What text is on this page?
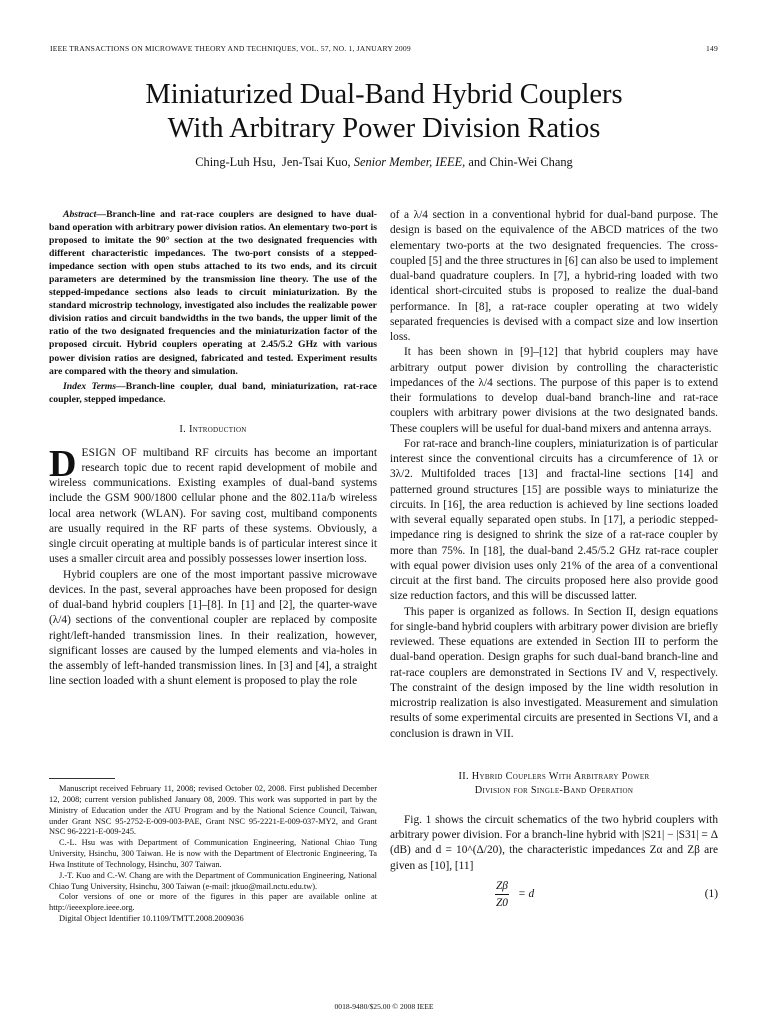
IEEE TRANSACTIONS ON MICROWAVE THEORY AND TECHNIQUES, VOL. 57, NO. 1, JANUARY 2009	149
Miniaturized Dual-Band Hybrid Couplers
With Arbitrary Power Division Ratios
Ching-Luh Hsu, Jen-Tsai Kuo, Senior Member, IEEE, and Chin-Wei Chang
Abstract—Branch-line and rat-race couplers are designed to have dual-band operation with arbitrary power division ratios. An elementary two-port is proposed to imitate the 90° section at the two designated frequencies with different characteristic impedances. The two-port consists of a stepped-impedance section with open stubs attached to its two ends, and its circuit parameters are determined by the transmission line theory. The use of the stepped-impedance sections also leads to circuit miniaturization. By the standard microstrip technology, investigated also includes the realizable power division ratios and circuit bandwidths in the two bands, the upper limit of the ratio of the two designated frequencies and the miniaturization factor of the proposed circuit. Hybrid couplers operating at 2.45/5.2 GHz with various power division ratios are designed, fabricated and tested. Experiment results are compared with the theory and simulation.
Index Terms—Branch-line coupler, dual band, miniaturization, rat-race coupler, stepped impedance.
I. Introduction

DESIGN OF multiband RF circuits has become an important research topic due to recent rapid development of mobile and wireless communications. Existing examples of dual-band systems include the GSM 900/1800 cellular phone and the 802.11a/b wireless local area network (WLAN). For saving cost, multiband components are usually required in the RF parts of these systems. Obviously, a single circuit operating at multiple bands is of particular interest since it uses a smaller circuit area and possibly possesses lower insertion loss.

Hybrid couplers are one of the most important passive microwave devices. In the past, several approaches have been proposed for design of dual-band hybrid couplers [1]–[8]. In [1] and [2], the quarter-wave (λ/4) sections of the conventional coupler are replaced by composite right/left-handed transmission lines. In their realization, however, significant losses are caused by the lumped elements and via-holes in the assembly of left-handed transmission lines. In [3] and [4], a straight line section loaded with a shunt element is proposed to play the role

Manuscript received February 11, 2008; revised October 02, 2008. First published December 12, 2008; current version published January 08, 2009. This work was supported in part by the Ministry of Education under the ATU Program and by the National Science Council, Taiwan, under Grant NSC 95-2752-E-009-003-PAE, Grant NSC 95-2221-E-009-037-MY2, and Grant NSC 96-2221-E-009-245.

C.-L. Hsu was with Department of Communication Engineering, National Chiao Tung University, Hsinchu, 300 Taiwan. He is now with the Department of Electronic Engineering, Ta Hwa Institute of Technology, Hsinchu, 307 Taiwan.

J.-T. Kuo and C.-W. Chang are with the Department of Communication Engineering, National Chiao Tung University, Hsinchu, 300 Taiwan (e-mail: jtkuo@mail.nctu.edu.tw).

Color versions of one or more of the figures in this paper are available online at http://ieeexplore.ieee.org.

Digital Object Identifier 10.1109/TMTT.2008.2009036

of a λ/4 section in a conventional hybrid for dual-band purpose. The design is based on the equivalence of the ABCD matrices of the two elementary two-ports at the two designated frequencies. The cross-coupled [5] and the three structures in [6] can also be used to implement dual-band quadrature couplers. In [7], a hybrid-ring loaded with two identical short-circuited stubs is proposed to realize the dual-band performance. In [8], a rat-race coupler operating at two widely separated frequencies is devised with a compact size and low insertion loss.

It has been shown in [9]–[12] that hybrid couplers may have arbitrary output power division by controlling the characteristic impedances of the λ/4 sections. The purpose of this paper is to extend their formulations to develop dual-band branch-line and rat-race couplers with arbitrary power divisions at the two designated bands. These couplers will be useful for dual-band mixers and antenna arrays.

For rat-race and branch-line couplers, miniaturization is of particular interest since the conventional circuits has a circumference of 1λ or 3λ/2. Multifolded traces [13] and fractal-line sections [14] and patterned ground structures [15] are possible ways to miniaturize the circuits. In [16], the area reduction is achieved by line sections loaded with several equally separated open stubs. In [17], a periodic stepped-impedance ring is designed to shrink the size of a rat-race coupler by more than 75%. In [18], the dual-band 2.45/5.2 GHz rat-race coupler with equal power division uses only 21% of the area of a conventional circuit at the first band. The circuits proposed here also provide good size reduction factors, and this will be discussed latter.

This paper is organized as follows. In Section II, design equations for single-band hybrid couplers with arbitrary power division are briefly reviewed. These equations are extended in Section III to perform the dual-band operation. Design graphs for such dual-band branch-line and rat-race couplers are demonstrated in Sections IV and V, respectively. The constraint of the design imposed by the line width resolution in microstrip realization is also investigated. Measurement and simulation results of some experimental circuits are presented in Sections VI, and a conclusion is drawn in VII.

II. Hybrid Couplers With Arbitrary Power
Division for Single-Band Operation

Fig. 1 shows the circuit schematics of the two hybrid couplers with arbitrary power division. For a branch-line hybrid with |S21| − |S31| = Δ (dB) and d = 10^(Δ/20), the characteristic impedances Zα and Zβ are given as [10], [11]

$\frac{Z\beta}{Z0} = d$	(1)
0018-9480/$25.00 © 2008 IEEE
